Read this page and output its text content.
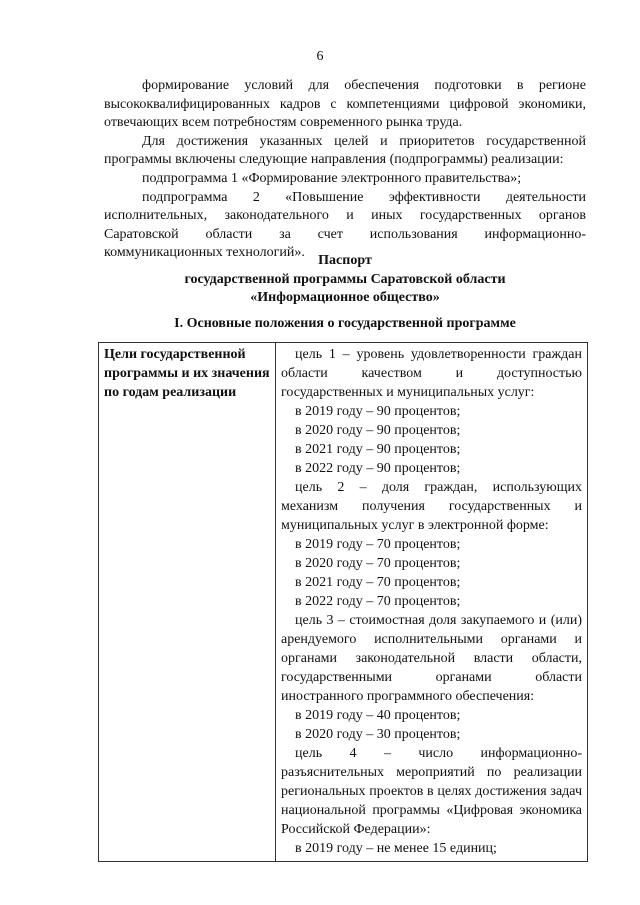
6

формирование условий для обеспечения подготовки в регионе высококвалифицированных кадров с компетенциями цифровой экономики, отвечающих всем потребностям современного рынка труда.

Для достижения указанных целей и приоритетов государственной программы включены следующие направления (подпрограммы) реализации:

подпрограмма 1 «Формирование электронного правительства»;

подпрограмма 2 «Повышение эффективности деятельности исполнительных, законодательного и иных государственных органов Саратовской области за счет использования информационно-коммуникационных технологий».

Паспорт
государственной программы Саратовской области
«Информационное общество»
I. Основные положения о государственной программе
Цели государственной программы и их значения по годам реализации	

цель 1 – уровень удовлетворенности граждан области качеством и доступностью государственных и муниципальных услуг:

в 2019 году – 90 процентов;

в 2020 году – 90 процентов;

в 2021 году – 90 процентов;

в 2022 году – 90 процентов;

цель 2 – доля граждан, использующих механизм получения государственных и муниципальных услуг в электронной форме:

в 2019 году – 70 процентов;

в 2020 году – 70 процентов;

в 2021 году – 70 процентов;

в 2022 году – 70 процентов;

цель 3 – стоимостная доля закупаемого и (или) арендуемого исполнительными органами и органами законодательной власти области, государственными органами области иностранного программного обеспечения:

в 2019 году – 40 процентов;

в 2020 году – 30 процентов;

цель 4 – число информационно-разъяснительных мероприятий по реализации региональных проектов в целях достижения задач национальной программы «Цифровая экономика Российской Федерации»:

в 2019 году – не менее 15 единиц;
